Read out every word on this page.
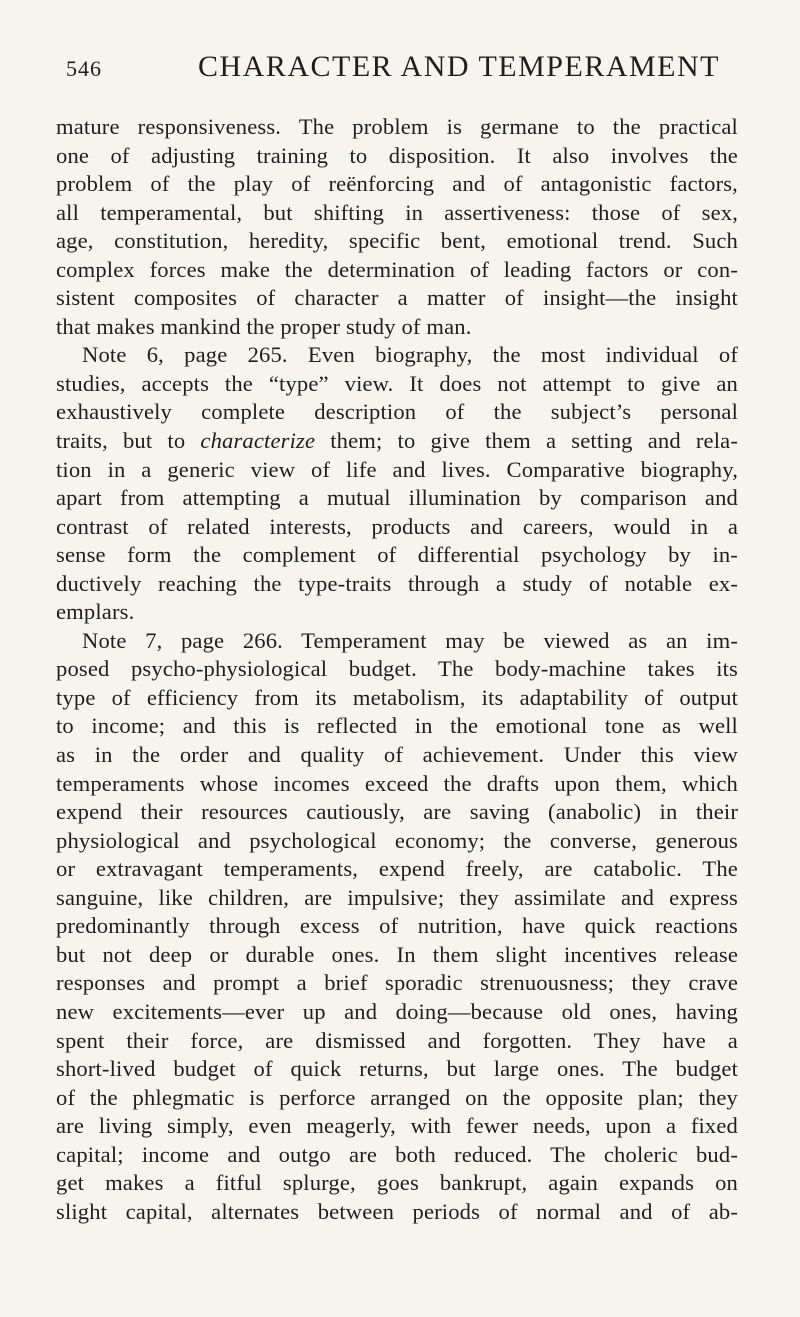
546	CHARACTER AND TEMPERAMENT
mature responsiveness. The problem is germane to the practical
one of adjusting training to disposition. It also involves the
problem of the play of reënforcing and of antagonistic factors,
all temperamental, but shifting in assertiveness: those of sex,
age, constitution, heredity, specific bent, emotional trend. Such
complex forces make the determination of leading factors or con-
sistent composites of character a matter of insight—the insight
that makes mankind the proper study of man.
Note 6, page 265. Even biography, the most individual of
studies, accepts the “type” view. It does not attempt to give an
exhaustively complete description of the subject’s personal
traits, but to characterize them; to give them a setting and rela-
tion in a generic view of life and lives. Comparative biography,
apart from attempting a mutual illumination by comparison and
contrast of related interests, products and careers, would in a
sense form the complement of differential psychology by in-
ductively reaching the type-traits through a study of notable ex-
emplars.
Note 7, page 266. Temperament may be viewed as an im-
posed psycho-physiological budget. The body-machine takes its
type of efficiency from its metabolism, its adaptability of output
to income; and this is reflected in the emotional tone as well
as in the order and quality of achievement. Under this view
temperaments whose incomes exceed the drafts upon them, which
expend their resources cautiously, are saving (anabolic) in their
physiological and psychological economy; the converse, generous
or extravagant temperaments, expend freely, are catabolic. The
sanguine, like children, are impulsive; they assimilate and express
predominantly through excess of nutrition, have quick reactions
but not deep or durable ones. In them slight incentives release
responses and prompt a brief sporadic strenuousness; they crave
new excitements—ever up and doing—because old ones, having
spent their force, are dismissed and forgotten. They have a
short-lived budget of quick returns, but large ones. The budget
of the phlegmatic is perforce arranged on the opposite plan; they
are living simply, even meagerly, with fewer needs, upon a fixed
capital; income and outgo are both reduced. The choleric bud-
get makes a fitful splurge, goes bankrupt, again expands on
slight capital, alternates between periods of normal and of ab-
